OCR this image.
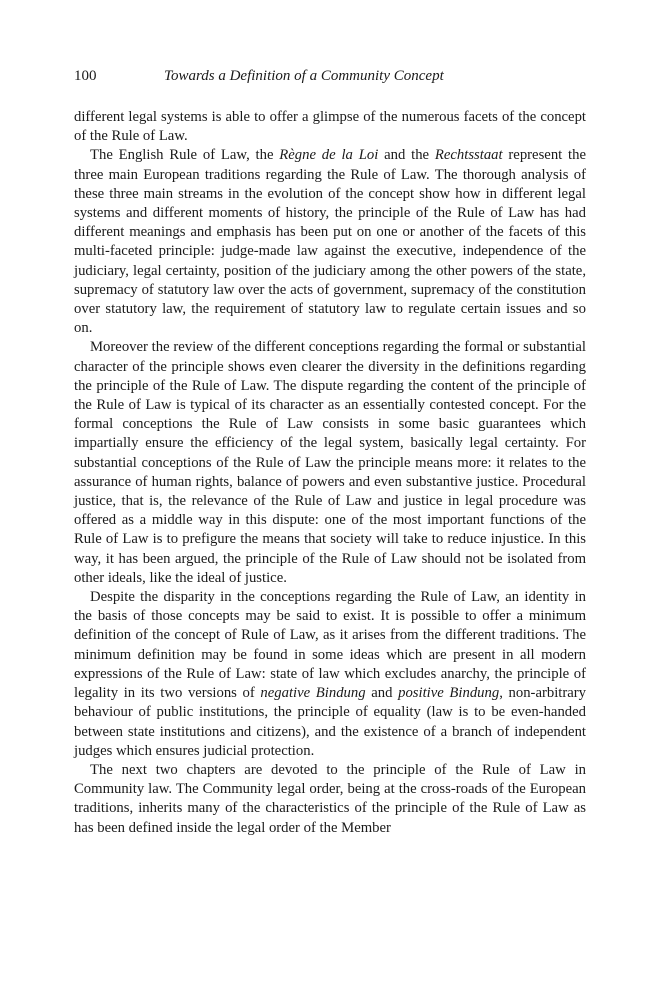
100	Towards a Definition of a Community Concept

different legal systems is able to offer a glimpse of the numerous facets of the concept of the Rule of Law.

The English Rule of Law, the Règne de la Loi and the Rechtsstaat represent the three main European traditions regarding the Rule of Law. The thorough analysis of these three main streams in the evolution of the concept show how in different legal systems and different moments of history, the principle of the Rule of Law has had different meanings and emphasis has been put on one or another of the facets of this multi-faceted principle: judge-made law against the executive, independence of the judiciary, legal certainty, position of the judiciary among the other powers of the state, supremacy of statutory law over the acts of government, supremacy of the constitution over statutory law, the requirement of statutory law to regulate certain issues and so on.

Moreover the review of the different conceptions regarding the formal or substantial character of the principle shows even clearer the diversity in the definitions regarding the principle of the Rule of Law. The dispute regarding the content of the principle of the Rule of Law is typical of its character as an essentially contested concept. For the formal conceptions the Rule of Law consists in some basic guarantees which impartially ensure the efficiency of the legal system, basically legal certainty. For substantial conceptions of the Rule of Law the principle means more: it relates to the assurance of human rights, balance of powers and even substantive justice. Procedural justice, that is, the relevance of the Rule of Law and justice in legal procedure was offered as a middle way in this dispute: one of the most important functions of the Rule of Law is to prefigure the means that society will take to reduce injustice. In this way, it has been argued, the principle of the Rule of Law should not be isolated from other ideals, like the ideal of justice.

Despite the disparity in the conceptions regarding the Rule of Law, an identity in the basis of those concepts may be said to exist. It is possible to offer a minimum definition of the concept of Rule of Law, as it arises from the different traditions. The minimum definition may be found in some ideas which are present in all modern expressions of the Rule of Law: state of law which excludes anarchy, the principle of legality in its two versions of negative Bindung and positive Bindung, non-arbitrary behaviour of public institutions, the principle of equality (law is to be even-handed between state institutions and citizens), and the existence of a branch of independent judges which ensures judicial protection.

The next two chapters are devoted to the principle of the Rule of Law in Community law. The Community legal order, being at the cross-roads of the European traditions, inherits many of the characteristics of the principle of the Rule of Law as has been defined inside the legal order of the Member
